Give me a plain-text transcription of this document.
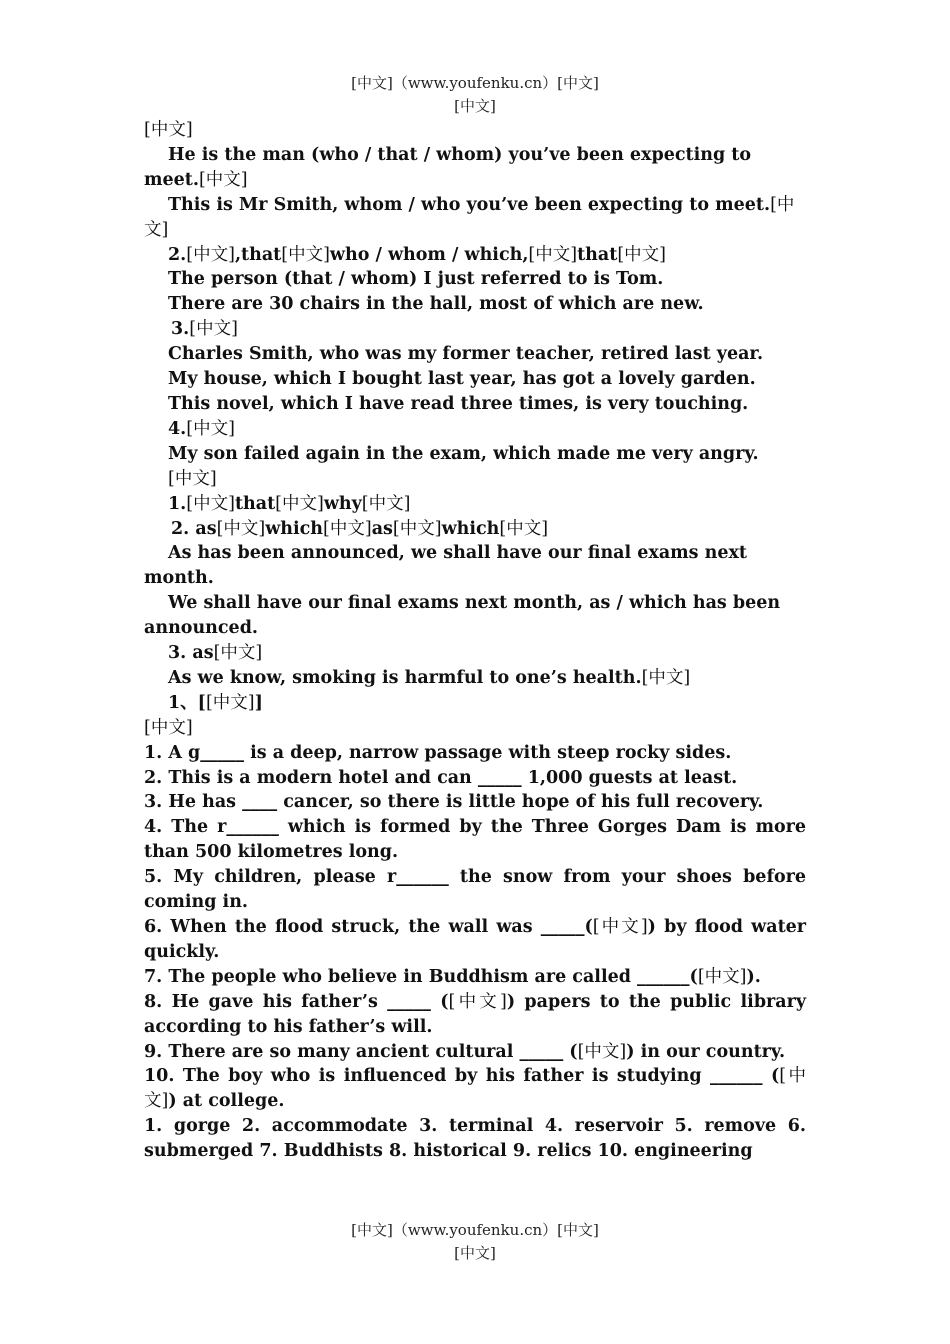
[中文]（www.youfenku.cn）[中文]
[中文]

[中文]

He is the man (who / that / whom) you’ve been expecting to meet.[中文]

This is Mr Smith, whom / who you’ve been expecting to meet.[中文]

2.[中文],that[中文]who / whom / which,[中文]that[中文]

The person (that / whom) I just referred to is Tom.

There are 30 chairs in the hall, most of which are new.

3.[中文]

Charles Smith, who was my former teacher, retired last year.

My house, which I bought last year, has got a lovely garden.

This novel, which I have read three times, is very touching.

4.[中文]

My son failed again in the exam, which made me very angry.

[中文]

1.[中文]that[中文]why[中文]

2. as[中文]which[中文]as[中文]which[中文]

As has been announced, we shall have our final exams next month.

We shall have our final exams next month, as / which has been announced.

3. as[中文]

As we know, smoking is harmful to one’s health.[中文]

1、[[中文]]

[中文]

1. A g_____ is a deep, narrow passage with steep rocky sides.

2. This is a modern hotel and can _____ 1,000 guests at least.

3. He has ____ cancer, so there is little hope of his full recovery.

4. The r______ which is formed by the Three Gorges Dam is more than 500 kilometres long.

5. My children, please r______ the snow from your shoes before coming in.

6. When the flood struck, the wall was _____([中文]) by flood water quickly.

7. The people who believe in Buddhism are called ______([中文]).

8. He gave his father’s _____ ([中文]) papers to the public library according to his father’s will.

9. There are so many ancient cultural _____ ([中文]) in our country.

10. The boy who is influenced by his father is studying ______ ([中文]) at college.

1. gorge 2. accommodate 3. terminal 4. reservoir 5. remove 6. submerged 7. Buddhists 8. historical 9. relics 10. engineering

[中文]（www.youfenku.cn）[中文]
[中文]
